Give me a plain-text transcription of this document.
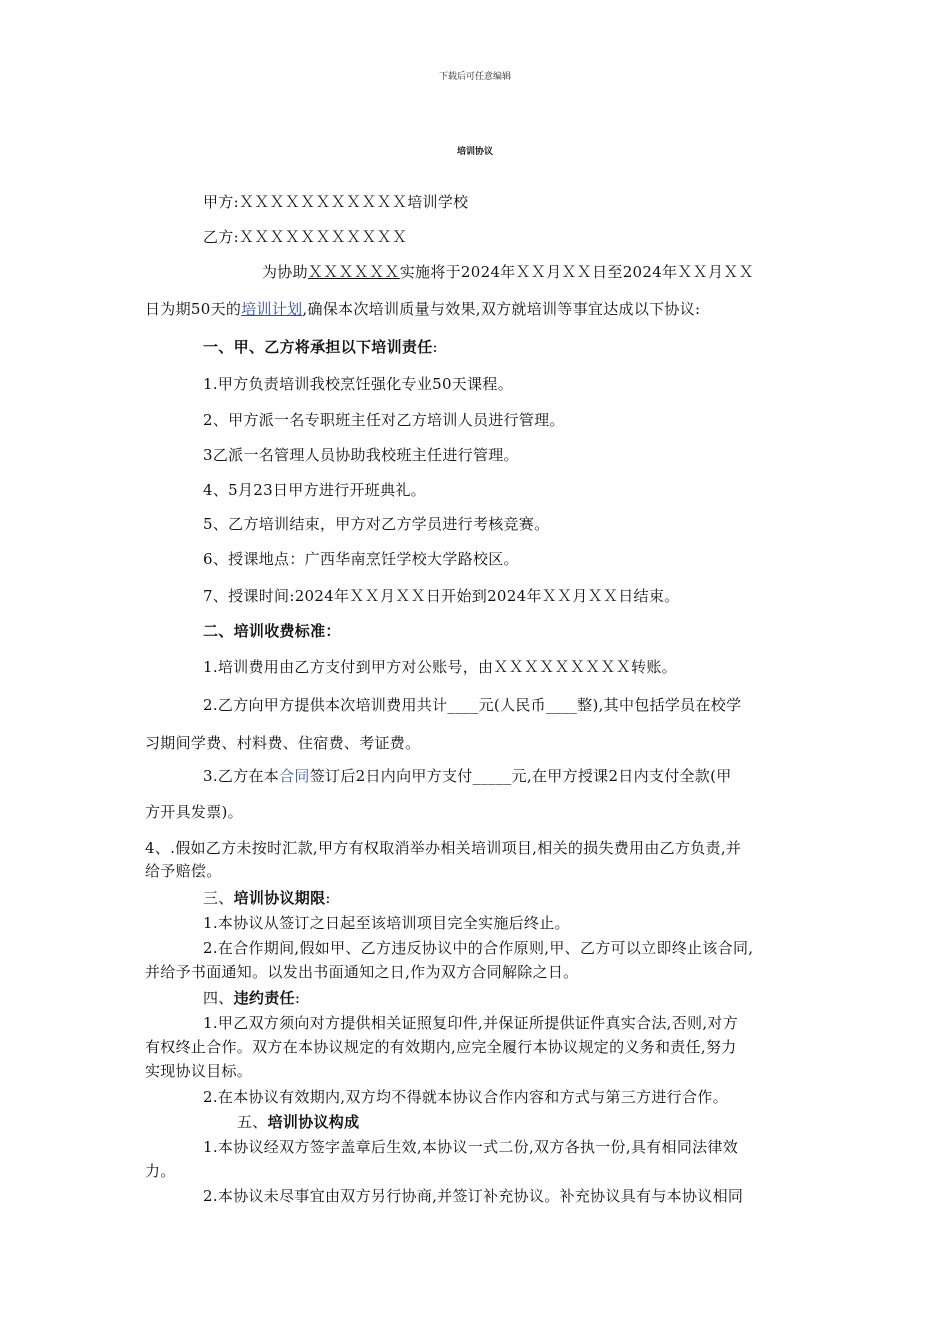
下载后可任意编辑
培训协议
甲方:ＸＸＸＸＸＸＸＸＸＸＸ培训学校
乙方:ＸＸＸＸＸＸＸＸＸＸＸ
为协助ＸＸＸＸＸＸ实施将于2024年ＸＸ月ＸＸ日至2024年ＸＸ月ＸＸ
日为期50天的培训计划,确保本次培训质量与效果,双方就培训等事宜达成以下协议:
一、甲、乙方将承担以下培训责任:
1.甲方负责培训我校烹饪强化专业50天课程。
2、甲方派一名专职班主任对乙方培训人员进行管理。
3乙派一名管理人员协助我校班主任进行管理。
4、5月23日甲方进行开班典礼。
5、乙方培训结束，甲方对乙方学员进行考核竞赛。
6、授课地点：广西华南烹饪学校大学路校区。
7、授课时间:2024年ＸＸ月ＸＸ日开始到2024年ＸＸ月ＸＸ日结束。
二、培训收费标准：
1.培训费用由乙方支付到甲方对公账号，由ＸＸＸＸＸＸＸＸＸ转账。
2.乙方向甲方提供本次培训费用共计____元(人民币____整),其中包括学员在校学
习期间学费、村料费、住宿费、考证费。
3.乙方在本合同签订后2日内向甲方支付_____元,在甲方授课2日内支付全款(甲
方开具发票)。
4、.假如乙方未按时汇款,甲方有权取消举办相关培训项目,相关的损失费用由乙方负责,并
给予赔偿。
三、培训协议期限:
1.本协议从签订之日起至该培训项目完全实施后终止。
2.在合作期间,假如甲、乙方违反协议中的合作原则,甲、乙方可以立即终止该合同,
并给予书面通知。以发出书面通知之日,作为双方合同解除之日。
四、违约责任:
1.甲乙双方须向对方提供相关证照复印件,并保证所提供证件真实合法,否则,对方
有权终止合作。双方在本协议规定的有效期内,应完全履行本协议规定的义务和责任,努力
实现协议目标。
2.在本协议有效期内,双方均不得就本协议合作内容和方式与第三方进行合作。
五、培训协议构成
1.本协议经双方签字盖章后生效,本协议一式二份,双方各执一份,具有相同法律效
力。
2.本协议未尽事宜由双方另行协商,并签订补充协议。补充协议具有与本协议相同
